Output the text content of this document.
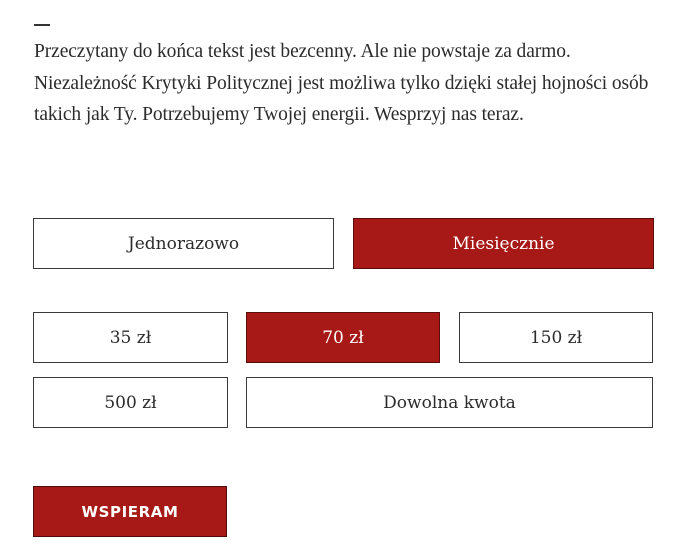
Przeczytany do końca tekst jest bezcenny. Ale nie powstaje za darmo. Niezależność Krytyki Politycznej jest możliwa tylko dzięki stałej hojności osób takich jak Ty. Potrzebujemy Twojej energii. Wesprzyj nas teraz.

Jednorazowo	Miesięcznie
35 zł	70 zł	150 zł
500 zł	Dowolna kwota
WSPIERAM
